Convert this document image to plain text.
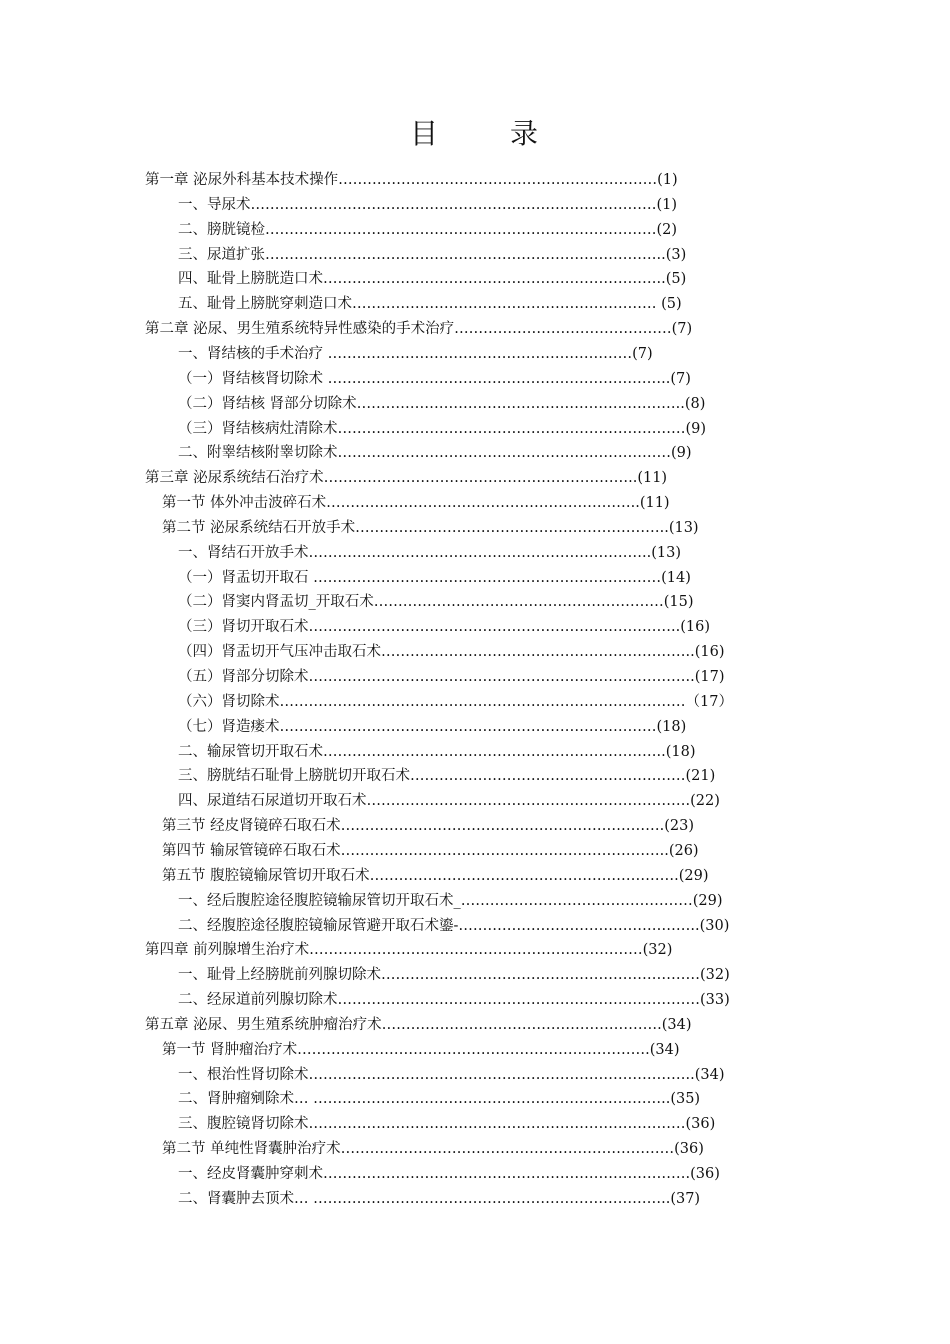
目	录
第一章 泌尿外科基本技术操作…………………………………………………………(1)
一、导尿术…………………………………………………………………………(1)
二、膀胱镜检………………………………………………………………………(2)
三、尿道扩张………………………………………………………………………..(3)
四、耻骨上膀胱造口术……………………………………………………………..(5)
五、耻骨上膀胱穿刺造口术……………………………………………………… (5)
第二章 泌尿、男生殖系统特异性感染的手术治疗………………………………………(7)
一、肾结核的手术治疗 ………………………………………………………(7)
（一）肾结核肾切除术 ……………………………………………………………..(7)
（二）肾结核 肾部分切除术…………………………………………………………..(8)
（三）肾结核病灶清除术………………………………………………………………(9)
二、附睾结核附睾切除术……………………………………………………………(9)
第三章 泌尿系统结石治疗术………………………………………………………..(11)
第一节 体外冲击波碎石术………………………………………………………..(11)
第二节 泌尿系统结石开放手术………………………………………………………..(13)
一、肾结石开放手术……………………………………………………………..(13)
（一）肾盂切开取石 ………………………………………………………………(14)
（二）肾窦内肾盂切_开取石术……………………………………………………(15)
（三）肾切开取石术…………………………………………………………………..(16)
（四）肾盂切开气压冲击取石术………………………………………………………..(16)
（五）肾部分切除术……………………………………………………………………..(17)
（六）肾切除术…………………………………………………………………………（17）
（七）肾造瘘术……………………………………………………………………(18)
二、输尿管切开取石术……………………………………………………………..(18)
三、膀胱结石耻骨上膀胱切开取石术…………………………………………………(21)
四、尿道结石尿道切开取石术………………………………………………………….(22)
第三节 经皮肾镜碎石取石术………………………………………………………….(23)
第四节 输尿管镜碎石取石术…………………………………………………………..(26)
第五节 腹腔镜输尿管切开取石术……………………………………………………….(29)
一、经后腹腔途径腹腔镜输尿管切开取石术_…………………………………………(29)
二、经腹腔途径腹腔镜输尿管避开取石术鎏-…………………………………………..(30)
第四章 前列腺增生治疗术……………………………………………………………(32)
一、耻骨上经膀胱前列腺切除术…………………………………………………………(32)
二、经尿道前列腺切除术…………………………………………………………………(33)
第五章 泌尿、男生殖系统肿瘤治疗术………………………………………………….(34)
第一节 肾肿瘤治疗术……………………………………………………………….(34)
一、根治性肾切除术……………………………………………………………………..(34)
二、肾肿瘤剜除术… ………………………………………………………………..(35)
三、腹腔镜肾切除术……………………………………………………………………(36)
第二节 单纯性肾囊肿治疗术……………………………………………………………(36)
一、经皮肾囊肿穿刺术………………………………………………………………….(36)
二、肾囊肿去顶术… ………………………………………………………………..(37)
